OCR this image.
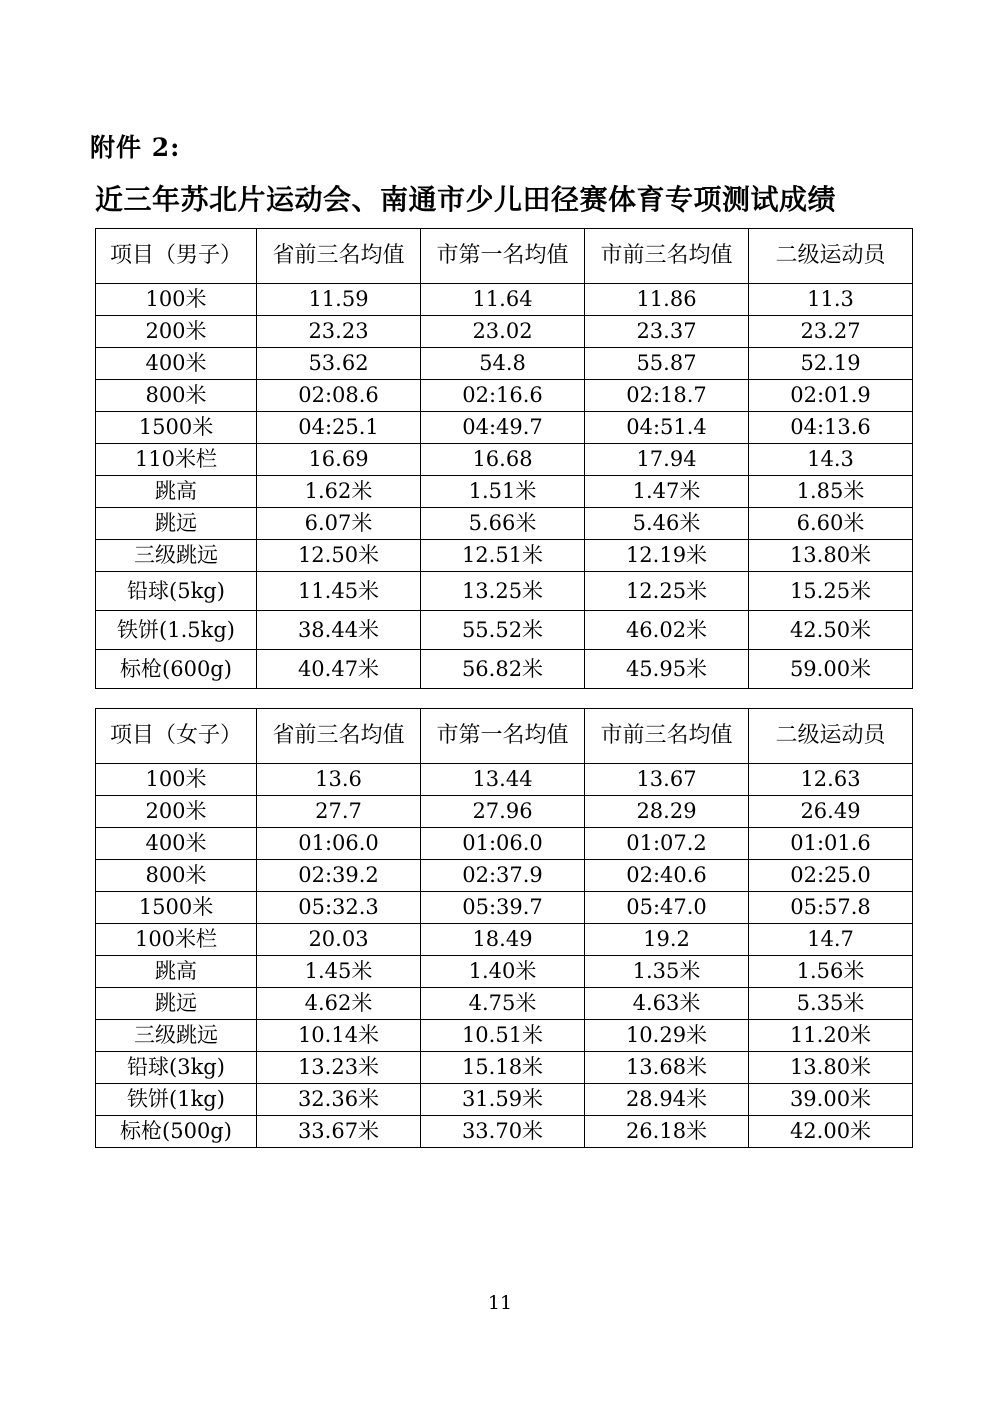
附件 2:
近三年苏北片运动会、南通市少儿田径赛体育专项测试成绩
项目（男子）	省前三名均值	市第一名均值	市前三名均值	二级运动员
100米	11.59	11.64	11.86	11.3
200米	23.23	23.02	23.37	23.27
400米	53.62	54.8	55.87	52.19
800米	02:08.6	02:16.6	02:18.7	02:01.9
1500米	04:25.1	04:49.7	04:51.4	04:13.6
110米栏	16.69	16.68	17.94	14.3
跳高	1.62米	1.51米	1.47米	1.85米
跳远	6.07米	5.66米	5.46米	6.60米
三级跳远	12.50米	12.51米	12.19米	13.80米
铅球(5kg)	11.45米	13.25米	12.25米	15.25米
铁饼(1.5kg)	38.44米	55.52米	46.02米	42.50米
标枪(600g)	40.47米	56.82米	45.95米	59.00米
项目（女子）	省前三名均值	市第一名均值	市前三名均值	二级运动员
100米	13.6	13.44	13.67	12.63
200米	27.7	27.96	28.29	26.49
400米	01:06.0	01:06.0	01:07.2	01:01.6
800米	02:39.2	02:37.9	02:40.6	02:25.0
1500米	05:32.3	05:39.7	05:47.0	05:57.8
100米栏	20.03	18.49	19.2	14.7
跳高	1.45米	1.40米	1.35米	1.56米
跳远	4.62米	4.75米	4.63米	5.35米
三级跳远	10.14米	10.51米	10.29米	11.20米
铅球(3kg)	13.23米	15.18米	13.68米	13.80米
铁饼(1kg)	32.36米	31.59米	28.94米	39.00米
标枪(500g)	33.67米	33.70米	26.18米	42.00米
11
